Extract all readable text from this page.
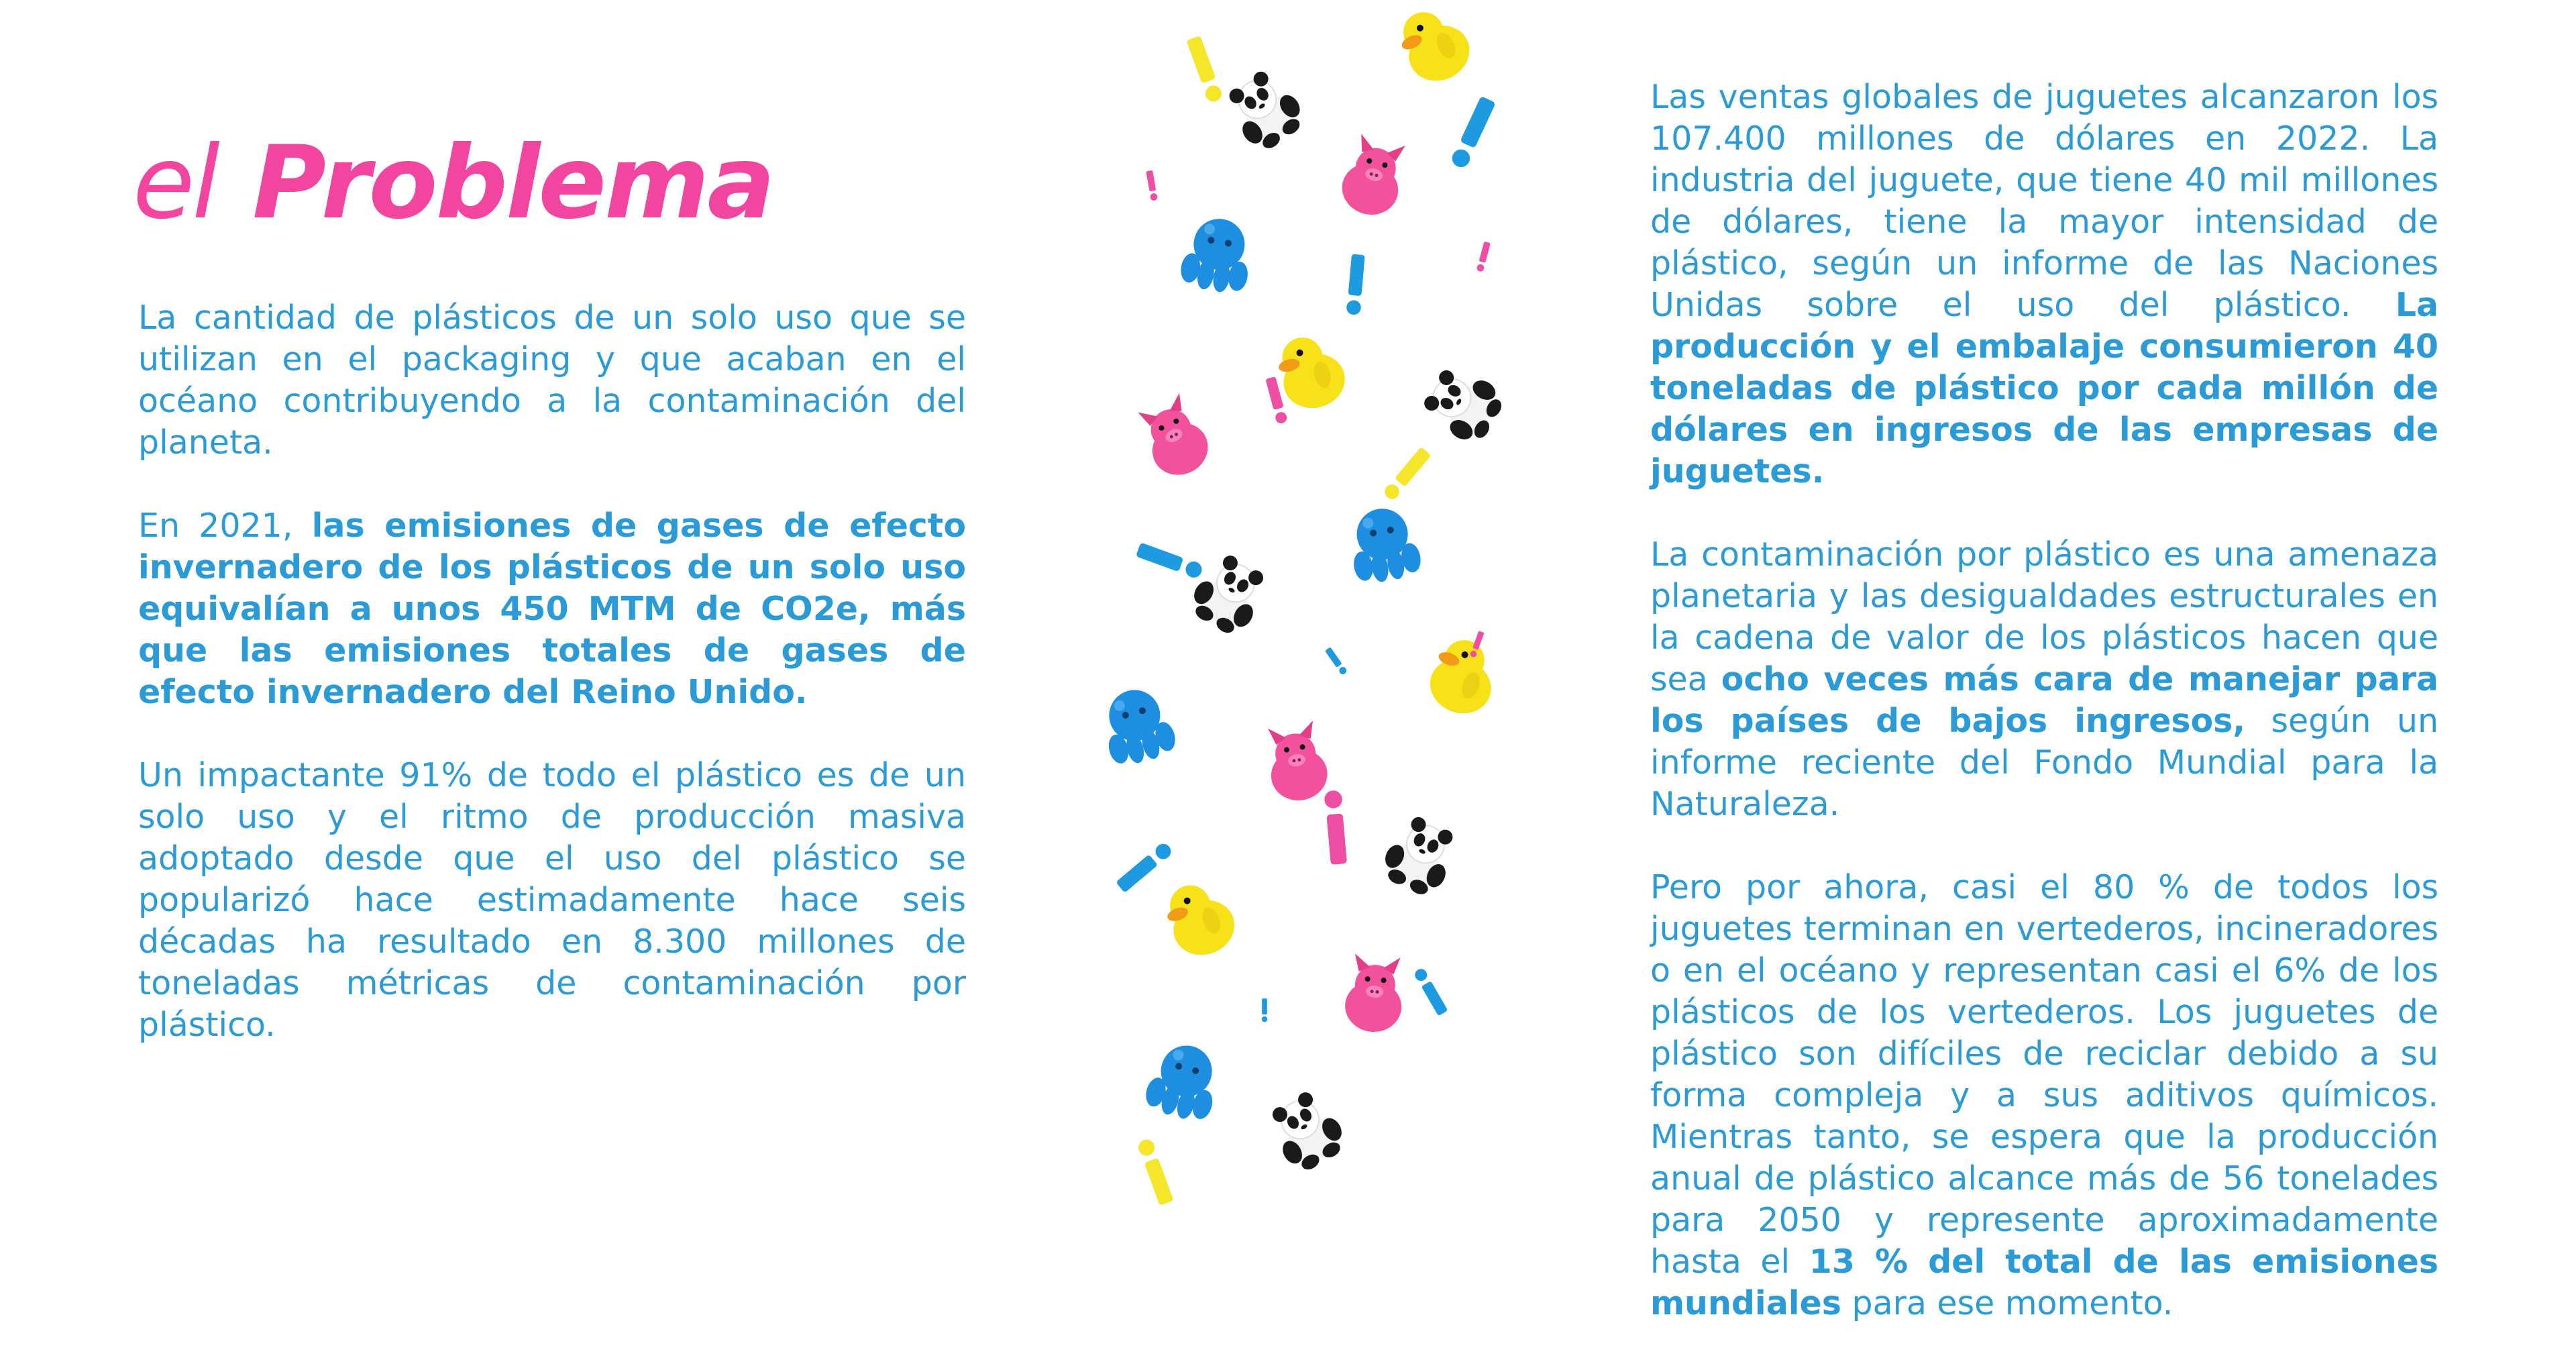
el Problema

La cantidad de plásticos de un solo uso que se utilizan en el packaging y que acaban en el océano contribuyendo a la contaminación del planeta.

En 2021, las emisiones de gases de efecto invernadero de los plásticos de un solo uso equivalían a unos 450 MTM de CO2e, más que las emisiones totales de gases de efecto invernadero del Reino Unido.

Un impactante 91% de todo el plástico es de un solo uso y el ritmo de producción masiva adoptado desde que el uso del plástico se popularizó hace estimadamente hace seis décadas ha resultado en 8.300 millones de toneladas métricas de contaminación por plástico.

Las ventas globales de juguetes alcanzaron los 107.400 millones de dólares en 2022. La industria del juguete, que tiene 40 mil millones de dólares, tiene la mayor intensidad de plástico, según un informe de las Naciones Unidas sobre el uso del plástico. La producción y el embalaje consumieron 40 toneladas de plástico por cada millón de dólares en ingresos de las empresas de juguetes.

La contaminación por plástico es una amenaza planetaria y las desigualdades estructurales en la cadena de valor de los plásticos hacen que sea ocho veces más cara de manejar para los países de bajos ingresos, según un informe reciente del Fondo Mundial para la Naturaleza.

Pero por ahora, casi el 80 % de todos los juguetes terminan en vertederos, incineradores o en el océano y representan casi el 6% de los plásticos de los vertederos. Los juguetes de plástico son difíciles de reciclar debido a su forma compleja y a sus aditivos químicos. Mientras tanto, se espera que la producción anual de plástico alcance más de 56 tonelades para 2050 y represente aproximadamente hasta el 13 % del total de las emisiones mundiales para ese momento.
